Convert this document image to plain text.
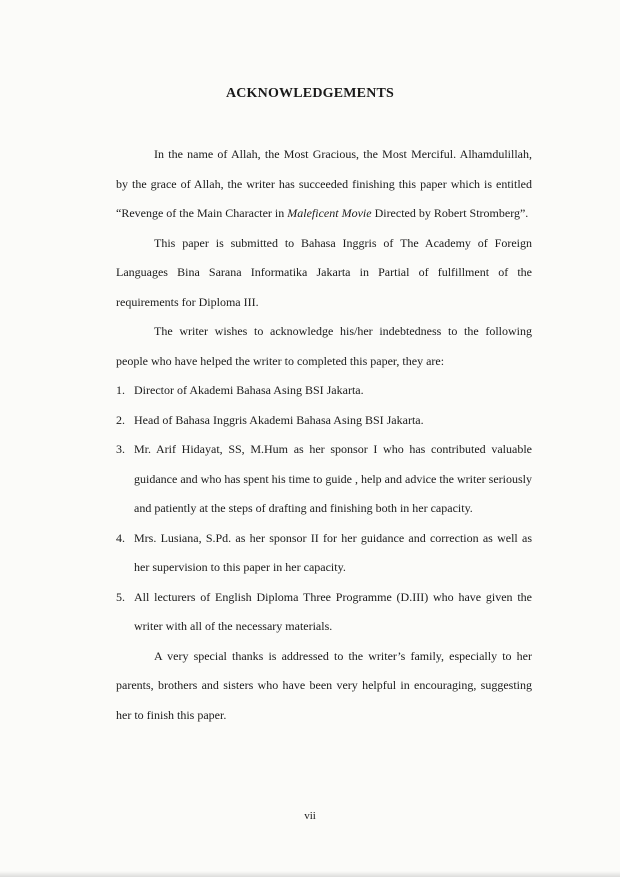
ACKNOWLEDGEMENTS

In the name of Allah, the Most Gracious, the Most Merciful. Alhamdulillah, by the grace of Allah, the writer has succeeded finishing this paper which is entitled “Revenge of the Main Character in Maleficent Movie Directed by Robert Stromberg”.

This paper is submitted to Bahasa Inggris of The Academy of Foreign Languages Bina Sarana Informatika Jakarta in Partial of fulfillment of the requirements for Diploma III.

The writer wishes to acknowledge his/her indebtedness to the following people who have helped the writer to completed this paper, they are:

1. Director of Akademi Bahasa Asing BSI Jakarta.
2. Head of Bahasa Inggris Akademi Bahasa Asing BSI Jakarta.
3. Mr. Arif Hidayat, SS, M.Hum as her sponsor I who has contributed valuable guidance and who has spent his time to guide , help and advice the writer seriously and patiently at the steps of drafting and finishing both in her capacity.
4. Mrs. Lusiana, S.Pd. as her sponsor II for her guidance and correction as well as her supervision to this paper in her capacity.
5. All lecturers of English Diploma Three Programme (D.III) who have given the writer with all of the necessary materials.

A very special thanks is addressed to the writer’s family, especially to her parents, brothers and sisters who have been very helpful in encouraging, suggesting her to finish this paper.

vii
